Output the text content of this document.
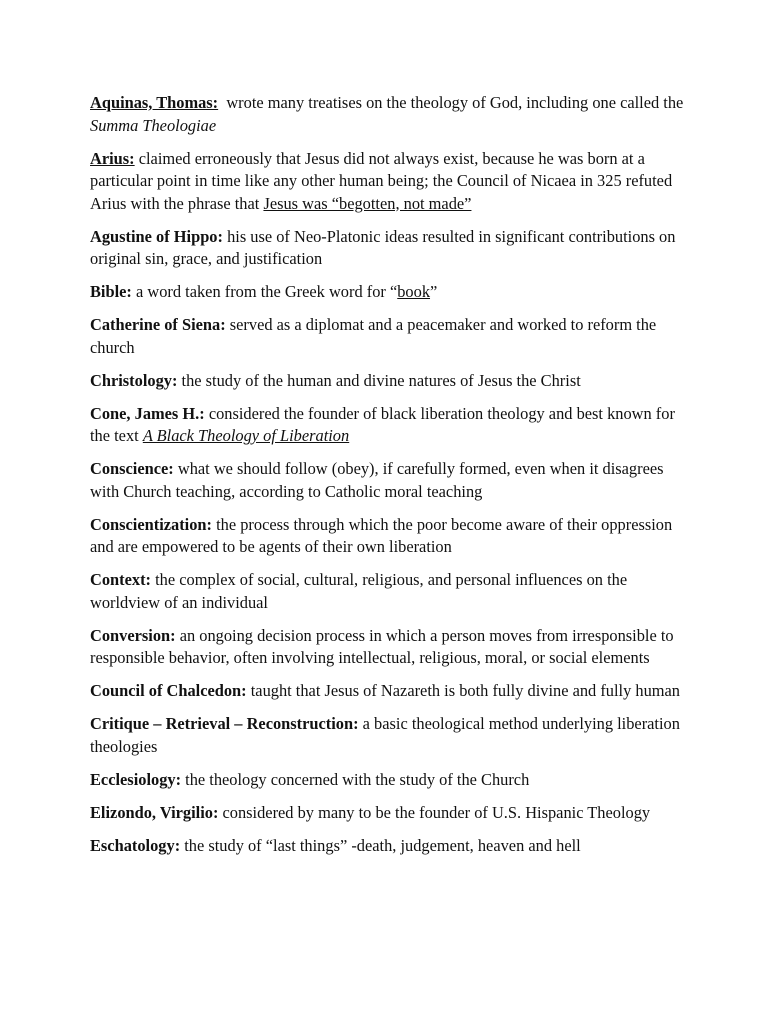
Aquinas, Thomas:  wrote many treatises on the theology of God, including one called the Summa Theologiae

Arius: claimed erroneously that Jesus did not always exist, because he was born at a particular point in time like any other human being; the Council of Nicaea in 325 refuted Arius with the phrase that Jesus was “begotten, not made”

Agustine of Hippo: his use of Neo-Platonic ideas resulted in significant contributions on original sin, grace, and justification

Bible: a word taken from the Greek word for “book”

Catherine of Siena: served as a diplomat and a peacemaker and worked to reform the church

Christology: the study of the human and divine natures of Jesus the Christ

Cone, James H.: considered the founder of black liberation theology and best known for the text A Black Theology of Liberation

Conscience: what we should follow (obey), if carefully formed, even when it disagrees with Church teaching, according to Catholic moral teaching

Conscientization: the process through which the poor become aware of their oppression and are empowered to be agents of their own liberation

Context: the complex of social, cultural, religious, and personal influences on the worldview of an individual

Conversion: an ongoing decision process in which a person moves from irresponsible to responsible behavior, often involving intellectual, religious, moral, or social elements

Council of Chalcedon: taught that Jesus of Nazareth is both fully divine and fully human

Critique – Retrieval – Reconstruction: a basic theological method underlying liberation theologies

Ecclesiology: the theology concerned with the study of the Church

Elizondo, Virgilio: considered by many to be the founder of U.S. Hispanic Theology

Eschatology: the study of “last things” -death, judgement, heaven and hell
